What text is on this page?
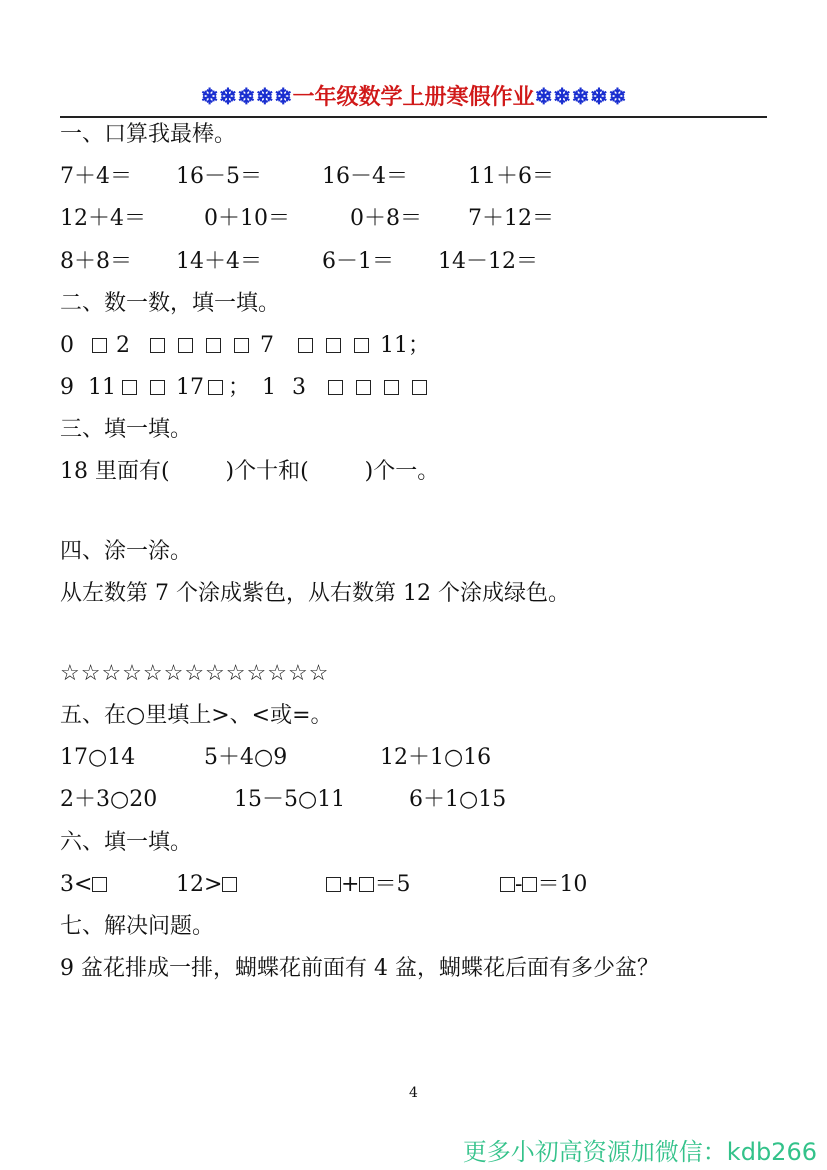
❄❄❄❄❄一年级数学上册寒假作业❄❄❄❄❄
一、口算我最棒。
7＋4＝ 16－5＝	16－4＝	11＋6＝
12＋4＝	0＋10＝	0＋8＝ 7＋12＝
8＋8＝ 14＋4＝	6－1＝ 14－12＝
二、数一数，填一填。
0 2	7	11；
9 11	17 ； 1 3
三、填一填。
18 里面有(        )个十和(        )个一。
四、涂一涂。
从左数第 7 个涂成紫色，从右数第 12 个涂成绿色。
☆☆☆☆☆☆☆☆☆☆☆☆☆
五、在○里填上>、<或=。
17○14	5＋4○9	12＋1○16
2＋3○20	15－5○11	6＋1○15
六、填一填。
3<	12>	+ ＝5	- ＝10
七、解决问题。
9 盆花排成一排，蝴蝶花前面有 4 盆，蝴蝶花后面有多少盆？
4
更多小初高资源加微信：kdb266
